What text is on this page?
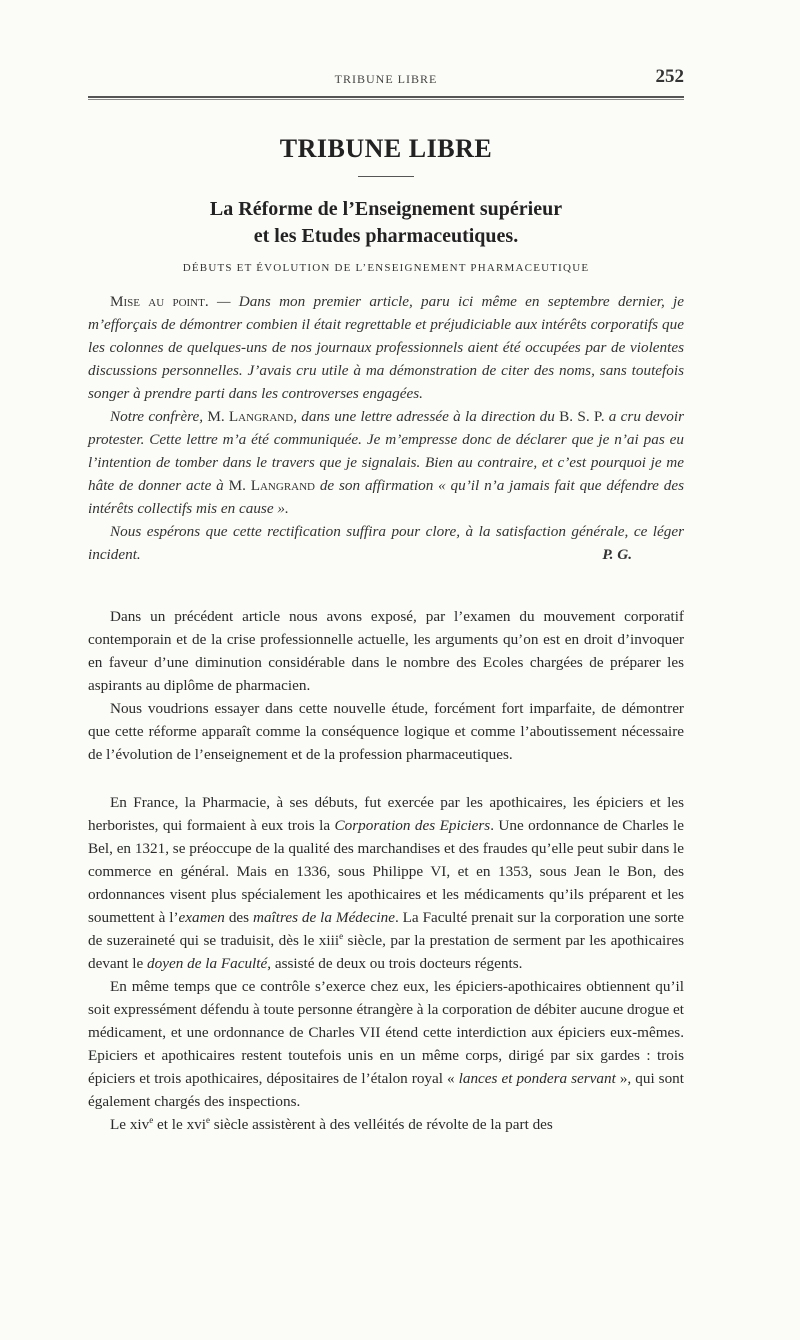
TRIBUNE LIBRE	252
TRIBUNE LIBRE
La Réforme de l’Enseignement supérieur
et les Etudes pharmaceutiques.
DÉBUTS ET ÉVOLUTION DE L’ENSEIGNEMENT PHARMACEUTIQUE

Mise au point. — Dans mon premier article, paru ici même en septembre dernier, je m’efforçais de démontrer combien il était regrettable et préjudiciable aux intérêts corporatifs que les colonnes de quelques-uns de nos journaux professionnels aient été occupées par de violentes discussions personnelles. J’avais cru utile à ma démonstration de citer des noms, sans toutefois songer à prendre parti dans les controverses engagées.

Notre confrère, M. Langrand, dans une lettre adressée à la direction du B. S. P. a cru devoir protester. Cette lettre m’a été communiquée. Je m’empresse donc de déclarer que je n’ai pas eu l’intention de tomber dans le travers que je signalais. Bien au contraire, et c’est pourquoi je me hâte de donner acte à M. Langrand de son affirmation « qu’il n’a jamais fait que défendre des intérêts collectifs mis en cause ».

Nous espérons que cette rectification suffira pour clore, à la satisfaction générale, ce léger incident.	P. G.

Dans un précédent article nous avons exposé, par l’examen du mouvement corporatif contemporain et de la crise professionnelle actuelle, les arguments qu’on est en droit d’invoquer en faveur d’une diminution considérable dans le nombre des Ecoles chargées de préparer les aspirants au diplôme de pharmacien.

Nous voudrions essayer dans cette nouvelle étude, forcément fort imparfaite, de démontrer que cette réforme apparaît comme la conséquence logique et comme l’aboutissement nécessaire de l’évolution de l’enseignement et de la profession pharmaceutiques.

En France, la Pharmacie, à ses débuts, fut exercée par les apothicaires, les épiciers et les herboristes, qui formaient à eux trois la Corporation des Epiciers. Une ordonnance de Charles le Bel, en 1321, se préoccupe de la qualité des marchandises et des fraudes qu’elle peut subir dans le commerce en général. Mais en 1336, sous Philippe VI, et en 1353, sous Jean le Bon, des ordonnances visent plus spécialement les apothicaires et les médicaments qu’ils préparent et les soumettent à l’examen des maîtres de la Médecine. La Faculté prenait sur la corporation une sorte de suzeraineté qui se traduisit, dès le xiii$^e$ siècle, par la prestation de serment par les apothicaires devant le doyen de la Faculté, assisté de deux ou trois docteurs régents.

En même temps que ce contrôle s’exerce chez eux, les épiciers-apothicaires obtiennent qu’il soit expressément défendu à toute personne étrangère à la corporation de débiter aucune drogue et médicament, et une ordonnance de Charles VII étend cette interdiction aux épiciers eux-mêmes. Epiciers et apothicaires restent toutefois unis en un même corps, dirigé par six gardes : trois épiciers et trois apothicaires, dépositaires de l’étalon royal « lances et pondera servant », qui sont également chargés des inspections.

Le xiv$^e$ et le xvi$^e$ siècle assistèrent à des velléités de révolte de la part des
